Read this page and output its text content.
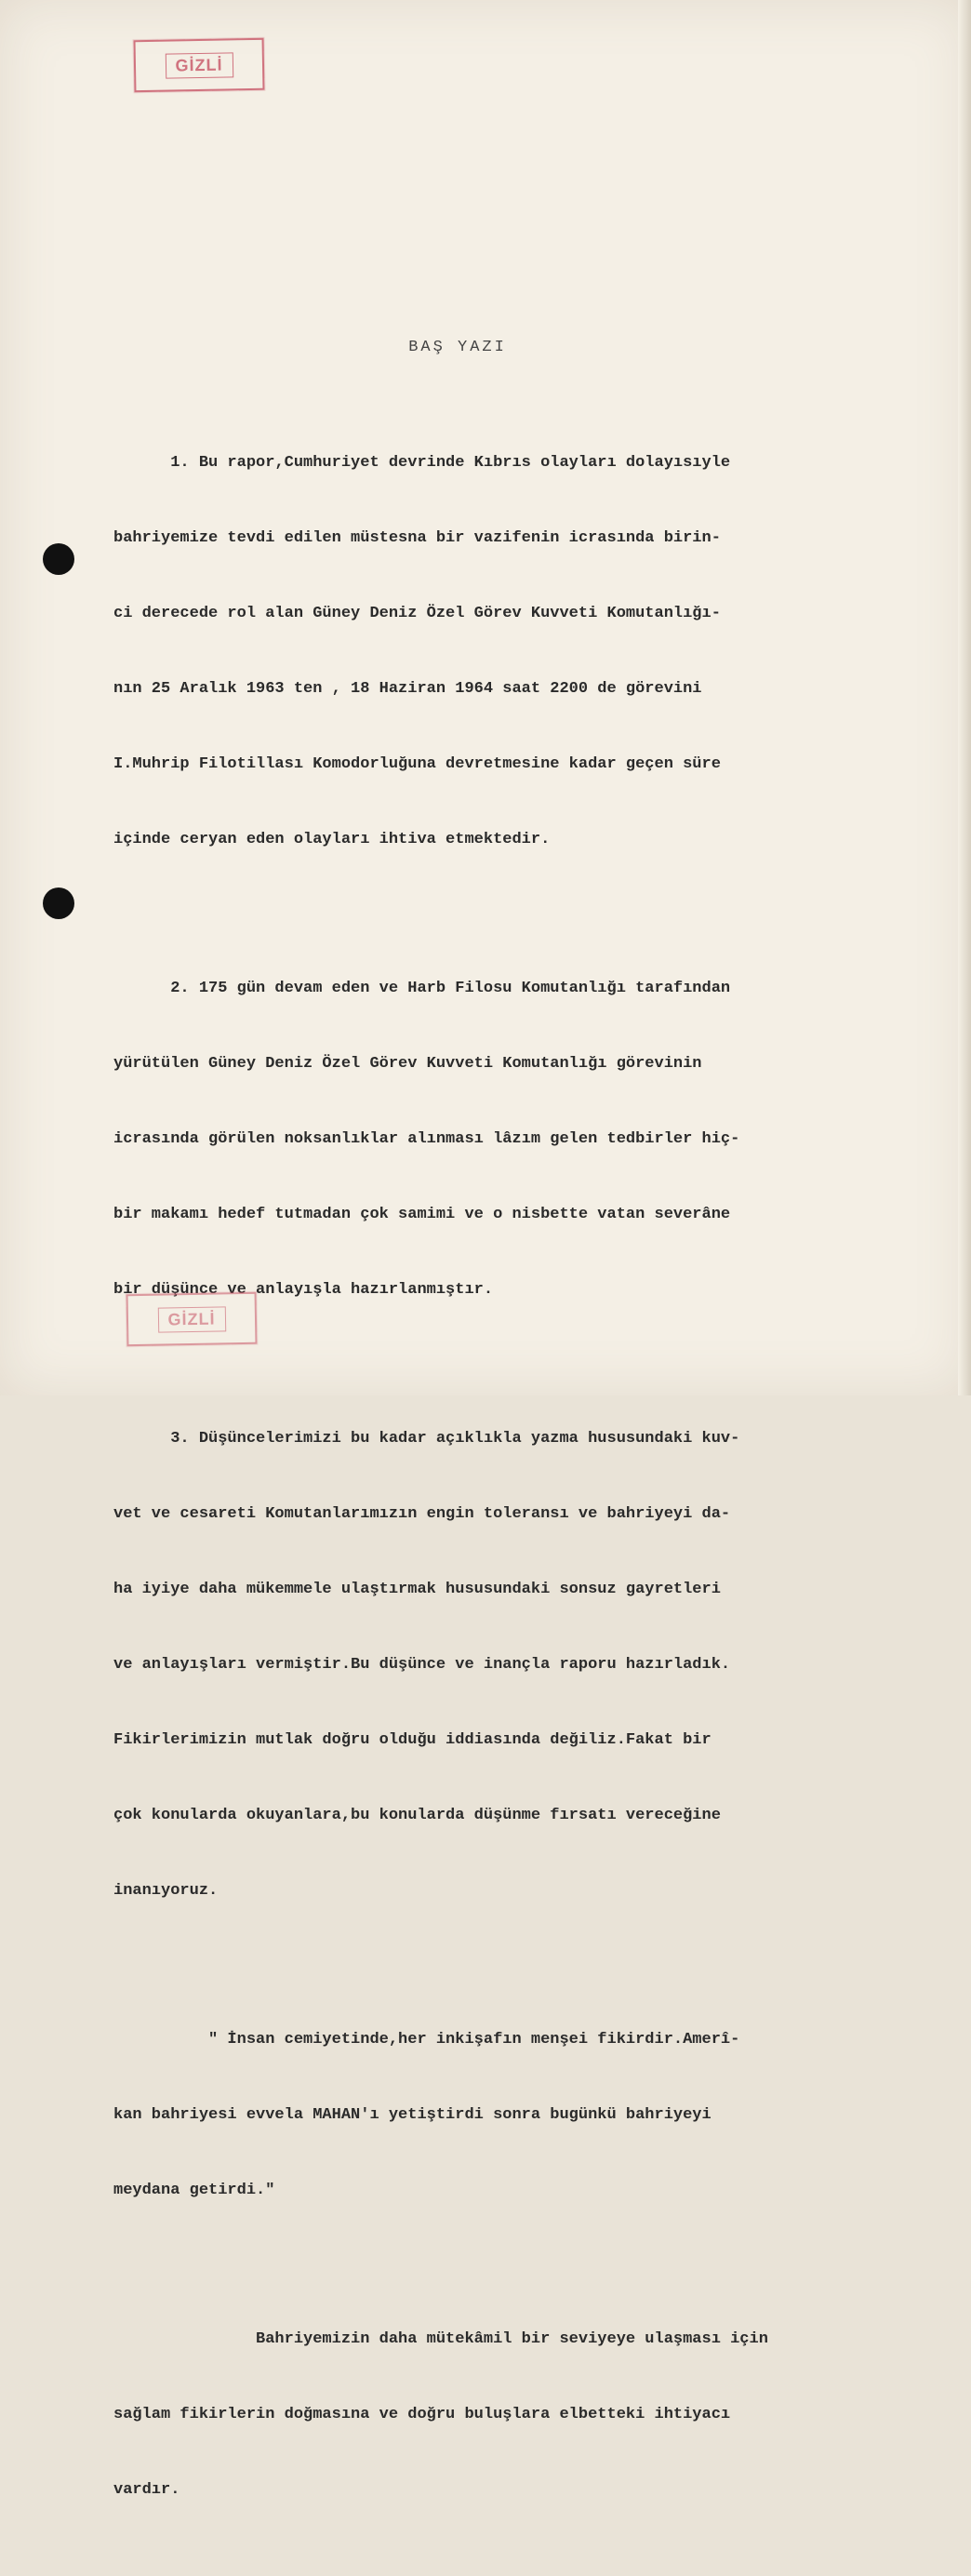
GİZLİ
BAŞ YAZI

1. Bu rapor,Cumhuriyet devrinde Kıbrıs olayları dolayısıyle

bahriyemize tevdi edilen müstesna bir vazifenin icrasında birin-

ci derecede rol alan Güney Deniz Özel Görev Kuvveti Komutanlığı-

nın 25 Aralık 1963 ten , 18 Haziran 1964 saat 2200 de görevini

I.Muhrip Filotillası Komodorluğuna devretmesine kadar geçen süre

içinde ceryan eden olayları ihtiva etmektedir.

2. 175 gün devam eden ve Harb Filosu Komutanlığı tarafından

yürütülen Güney Deniz Özel Görev Kuvveti Komutanlığı görevinin

icrasında görülen noksanlıklar alınması lâzım gelen tedbirler hiç-

bir makamı hedef tutmadan çok samimi ve o nisbette vatan severâne

bir düşünce ve anlayışla hazırlanmıştır.

3. Düşüncelerimizi bu kadar açıklıkla yazma hususundaki kuv-

vet ve cesareti Komutanlarımızın engin toleransı ve bahriyeyi da-

ha iyiye daha mükemmele ulaştırmak hususundaki sonsuz gayretleri

ve anlayışları vermiştir.Bu düşünce ve inançla raporu hazırladık.

Fikirlerimizin mutlak doğru olduğu iddiasında değiliz.Fakat bir

çok konularda okuyanlara,bu konularda düşünme fırsatı vereceğine

inanıyoruz.

" İnsan cemiyetinde,her inkişafın menşei fikirdir.Amerî-

kan bahriyesi evvela MAHAN'ı yetiştirdi sonra bugünkü bahriyeyi

meydana getirdi."

Bahriyemizin daha mütekâmil bir seviyeye ulaşması için

sağlam fikirlerin doğmasına ve doğru buluşlara elbetteki ihtiyacı

vardır.

GİZLİ
